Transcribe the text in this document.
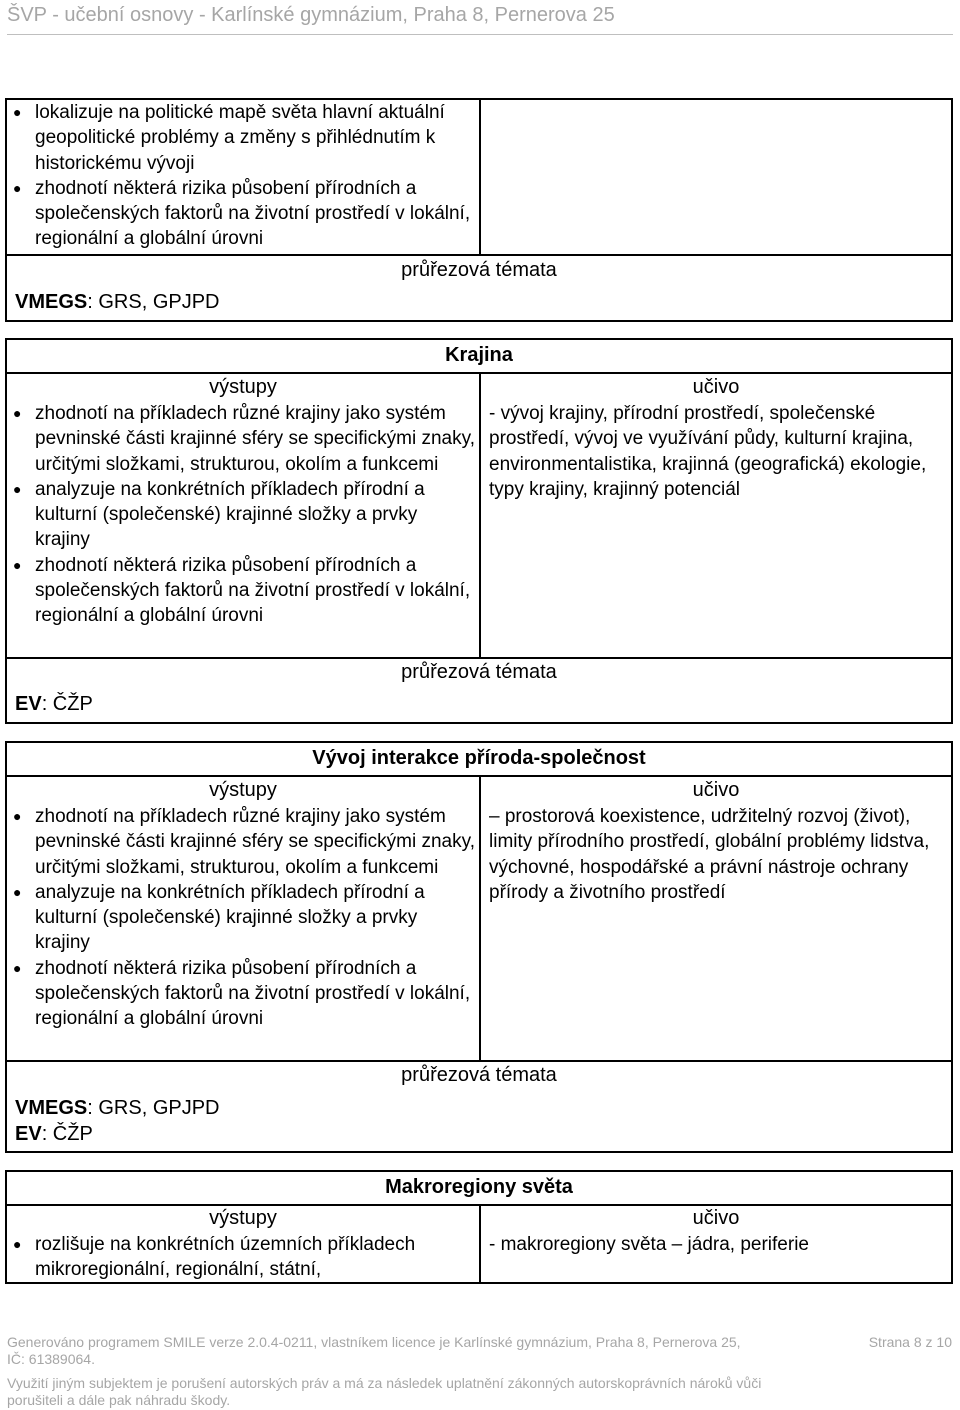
ŠVP - učební osnovy - Karlínské gymnázium, Praha 8, Pernerova 25
● lokalizuje na politické mapě světa hlavní aktuální geopolitické problémy a změny s přihlédnutím k historickému vývoji
● zhodnotí některá rizika působení přírodních a společenských faktorů na životní prostředí v lokální, regionální a globální úrovni
průřezová témata
VMEGS: GRS, GPJPD
Krajina
výstupy	učivo
● zhodnotí na příkladech různé krajiny jako systém pevninské části krajinné sféry se specifickými znaky, určitými složkami, strukturou, okolím a funkcemi
● analyzuje na konkrétních příkladech přírodní a kulturní (společenské) krajinné složky a prvky krajiny
● zhodnotí některá rizika působení přírodních a společenských faktorů na životní prostředí v lokální, regionální a globální úrovni
- vývoj krajiny, přírodní prostředí, společenské prostředí, vývoj ve využívání půdy, kulturní krajina, environmentalistika, krajinná (geografická) ekologie, typy krajiny, krajinný potenciál
průřezová témata
EV: ČŽP
Vývoj interakce příroda-společnost
výstupy	učivo
● zhodnotí na příkladech různé krajiny jako systém pevninské části krajinné sféry se specifickými znaky, určitými složkami, strukturou, okolím a funkcemi
● analyzuje na konkrétních příkladech přírodní a kulturní (společenské) krajinné složky a prvky krajiny
● zhodnotí některá rizika působení přírodních a společenských faktorů na životní prostředí v lokální, regionální a globální úrovni
– prostorová koexistence, udržitelný rozvoj (život), limity přírodního prostředí, globální problémy lidstva, výchovné, hospodářské a právní nástroje ochrany přírody a životního prostředí
průřezová témata
VMEGS: GRS, GPJPD
EV: ČŽP
Makroregiony světa
výstupy	učivo
● rozlišuje na konkrétních územních příkladech mikroregionální, regionální, státní,
- makroregiony světa – jádra, periferie
Generováno programem SMILE verze 2.0.4-0211, vlastníkem licence je Karlínské gymnázium, Praha 8, Pernerova 25,
IČ: 61389064.
Strana 8 z 10
Využití jiným subjektem je porušení autorských práv a má za následek uplatnění zákonných autorskoprávních nároků vůči
porušiteli a dále pak náhradu škody.
